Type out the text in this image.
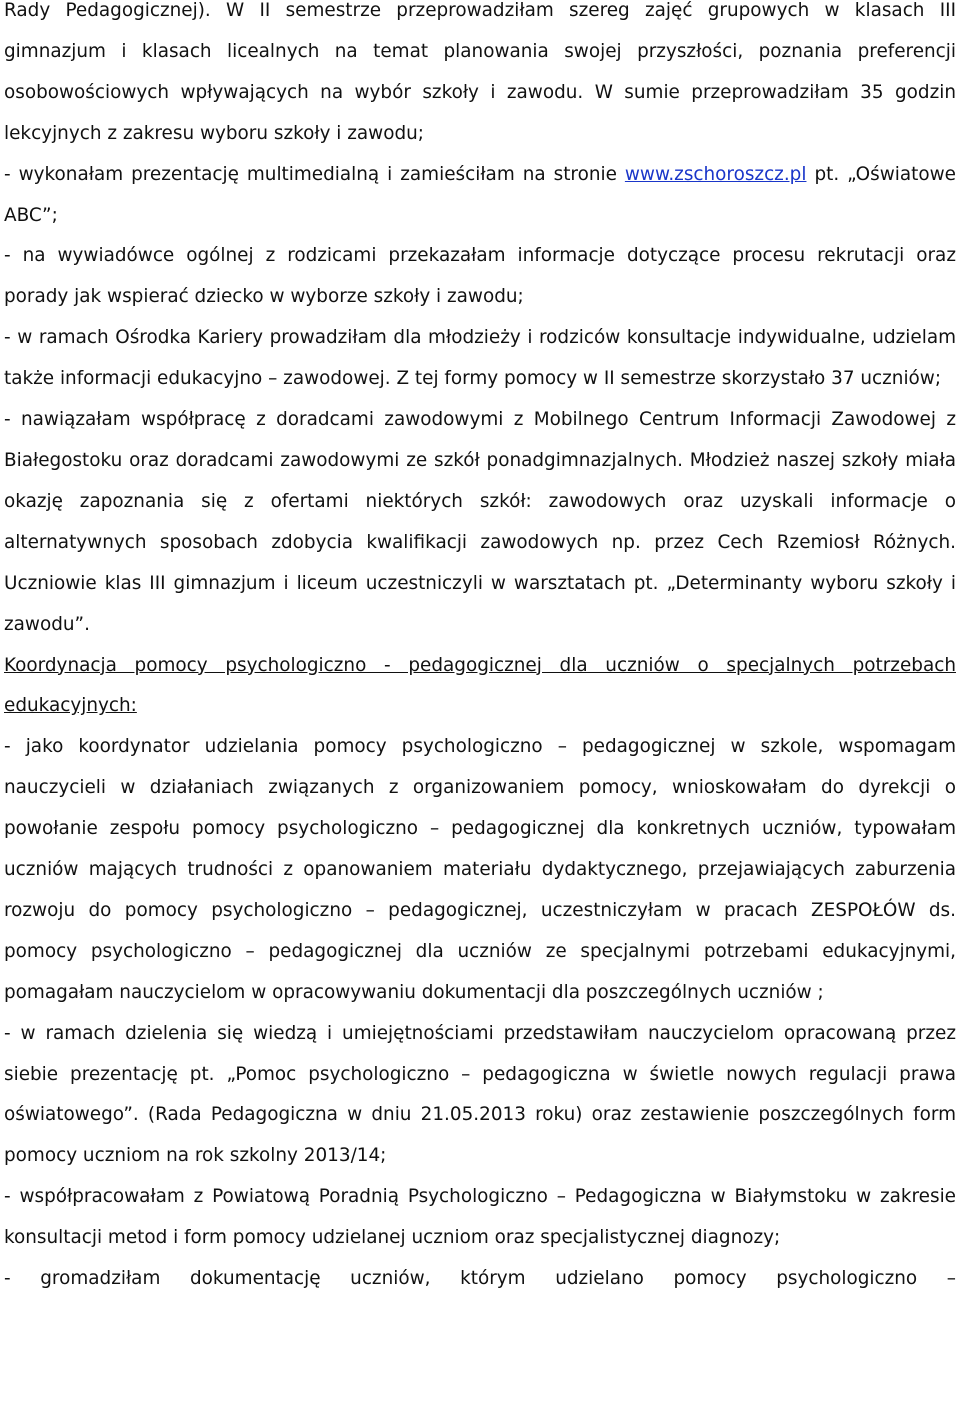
Rady Pedagogicznej). W II semestrze przeprowadziłam szereg zajęć grupowych w klasach III gimnazjum i klasach licealnych na temat planowania swojej przyszłości, poznania preferencji osobowościowych wpływających na wybór szkoły i zawodu. W sumie przeprowadziłam 35 godzin lekcyjnych z zakresu wyboru szkoły i zawodu;

- wykonałam prezentację multimedialną i zamieściłam na stronie www.zschoroszcz.pl pt. „Oświatowe ABC”;

- na wywiadówce ogólnej z rodzicami przekazałam informacje dotyczące procesu rekrutacji oraz porady jak wspierać dziecko w wyborze szkoły i zawodu;

- w ramach Ośrodka Kariery prowadziłam dla młodzieży i rodziców konsultacje indywidualne, udzielam także informacji edukacyjno – zawodowej. Z tej formy pomocy w II semestrze skorzystało 37 uczniów;

- nawiązałam współpracę z doradcami zawodowymi z Mobilnego Centrum Informacji Zawodowej z Białegostoku oraz doradcami zawodowymi ze szkół ponadgimnazjalnych. Młodzież naszej szkoły miała okazję zapoznania się z ofertami niektórych szkół: zawodowych oraz uzyskali informacje o alternatywnych sposobach zdobycia kwalifikacji zawodowych np. przez Cech Rzemiosł Różnych. Uczniowie klas III gimnazjum i liceum uczestniczyli w warsztatach pt. „Determinanty wyboru szkoły i zawodu”.

Koordynacja pomocy psychologiczno - pedagogicznej dla uczniów o specjalnych potrzebach edukacyjnych:

- jako koordynator udzielania pomocy psychologiczno – pedagogicznej w szkole, wspomagam nauczycieli w działaniach związanych z organizowaniem pomocy, wnioskowałam do dyrekcji o powołanie zespołu pomocy psychologiczno – pedagogicznej dla konkretnych uczniów, typowałam uczniów mających trudności z opanowaniem materiału dydaktycznego, przejawiających zaburzenia rozwoju do pomocy psychologiczno – pedagogicznej, uczestniczyłam w pracach ZESPOŁÓW ds. pomocy psychologiczno – pedagogicznej dla uczniów ze specjalnymi potrzebami edukacyjnymi, pomagałam nauczycielom w opracowywaniu dokumentacji dla poszczególnych uczniów ;

- w ramach dzielenia się wiedzą i umiejętnościami przedstawiłam nauczycielom opracowaną przez siebie prezentację pt. „Pomoc psychologiczno – pedagogiczna w świetle nowych regulacji prawa oświatowego”. (Rada Pedagogiczna w dniu 21.05.2013 roku) oraz zestawienie poszczególnych form pomocy uczniom na rok szkolny 2013/14;

- współpracowałam z Powiatową Poradnią Psychologiczno – Pedagogiczna w Białymstoku w zakresie konsultacji metod i form pomocy udzielanej uczniom oraz specjalistycznej diagnozy;

- gromadziłam dokumentację uczniów, którym udzielano pomocy psychologiczno –
